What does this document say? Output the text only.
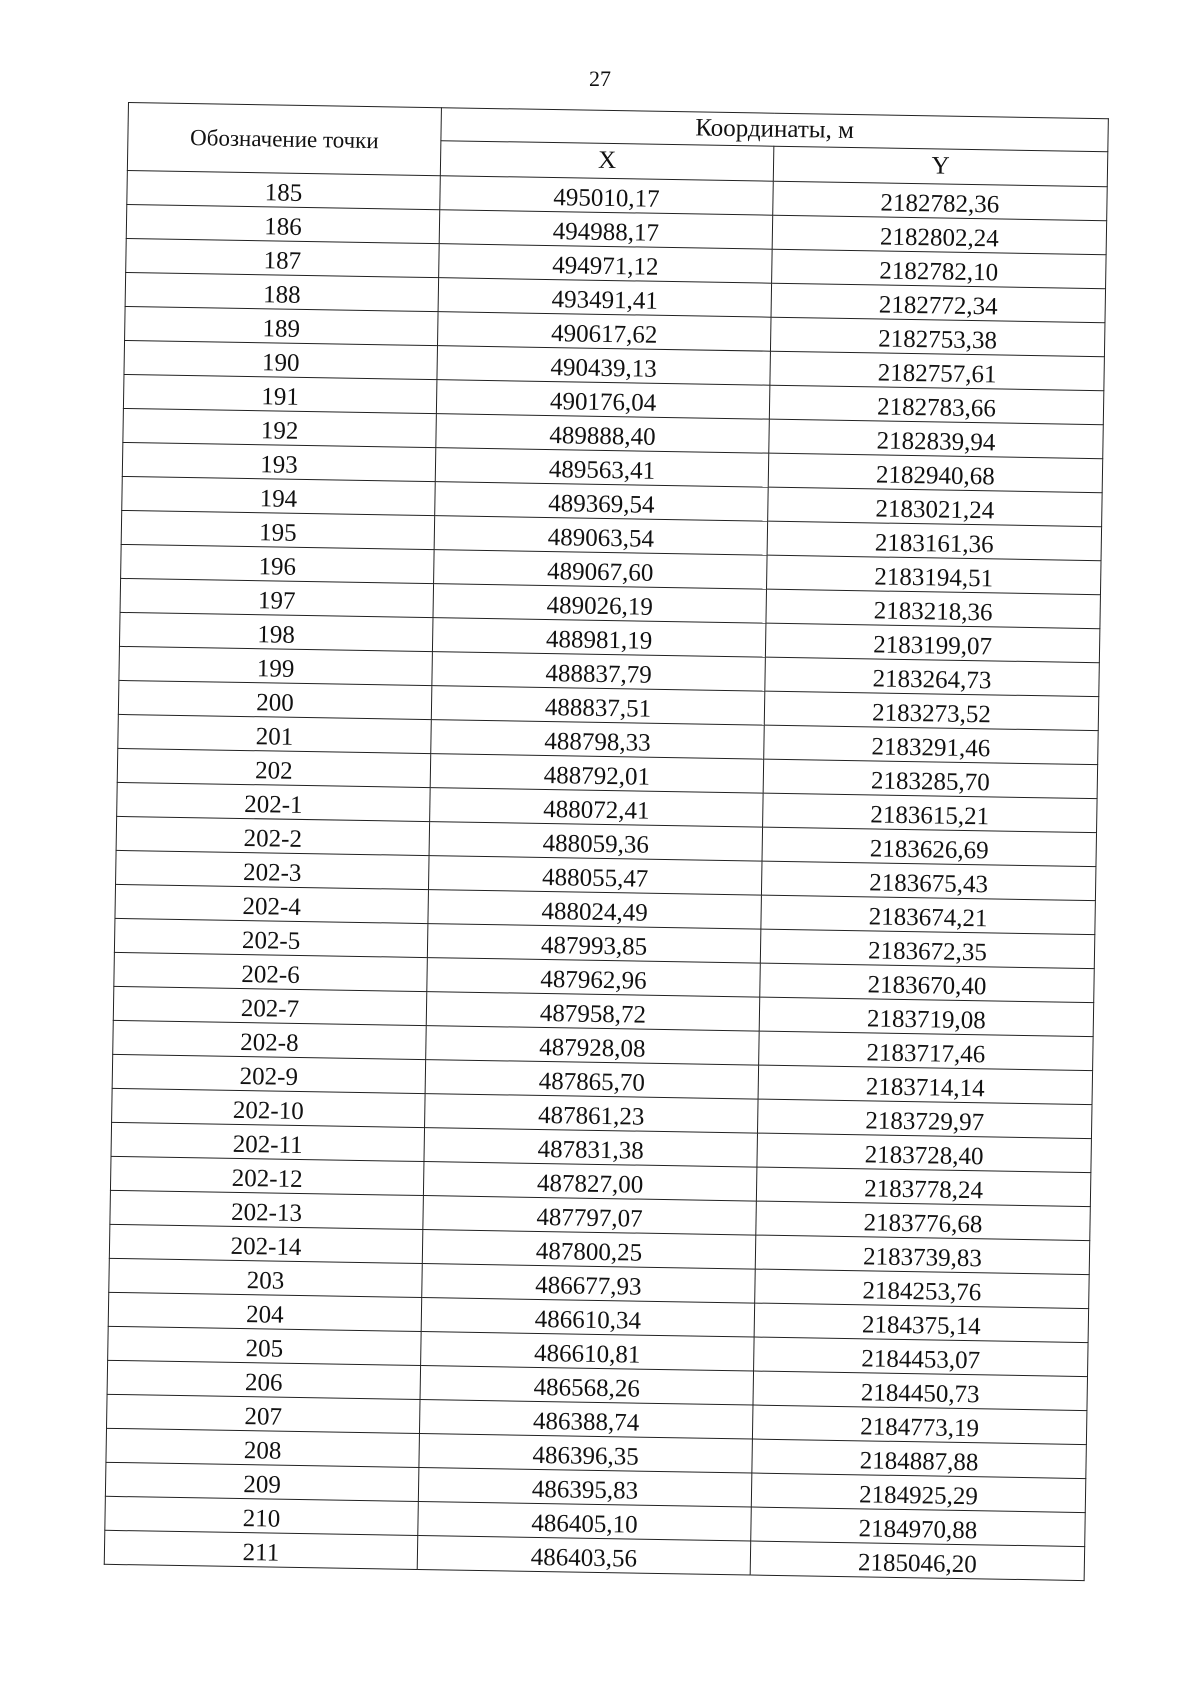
27
Обозначение точки	Координаты, м	
	X	Y
185	495010,17	2182782,36
186	494988,17	2182802,24
187	494971,12	2182782,10
188	493491,41	2182772,34
189	490617,62	2182753,38
190	490439,13	2182757,61
191	490176,04	2182783,66
192	489888,40	2182839,94
193	489563,41	2182940,68
194	489369,54	2183021,24
195	489063,54	2183161,36
196	489067,60	2183194,51
197	489026,19	2183218,36
198	488981,19	2183199,07
199	488837,79	2183264,73
200	488837,51	2183273,52
201	488798,33	2183291,46
202	488792,01	2183285,70
202-1	488072,41	2183615,21
202-2	488059,36	2183626,69
202-3	488055,47	2183675,43
202-4	488024,49	2183674,21
202-5	487993,85	2183672,35
202-6	487962,96	2183670,40
202-7	487958,72	2183719,08
202-8	487928,08	2183717,46
202-9	487865,70	2183714,14
202-10	487861,23	2183729,97
202-11	487831,38	2183728,40
202-12	487827,00	2183778,24
202-13	487797,07	2183776,68
202-14	487800,25	2183739,83
203	486677,93	2184253,76
204	486610,34	2184375,14
205	486610,81	2184453,07
206	486568,26	2184450,73
207	486388,74	2184773,19
208	486396,35	2184887,88
209	486395,83	2184925,29
210	486405,10	2184970,88
211	486403,56	2185046,20
